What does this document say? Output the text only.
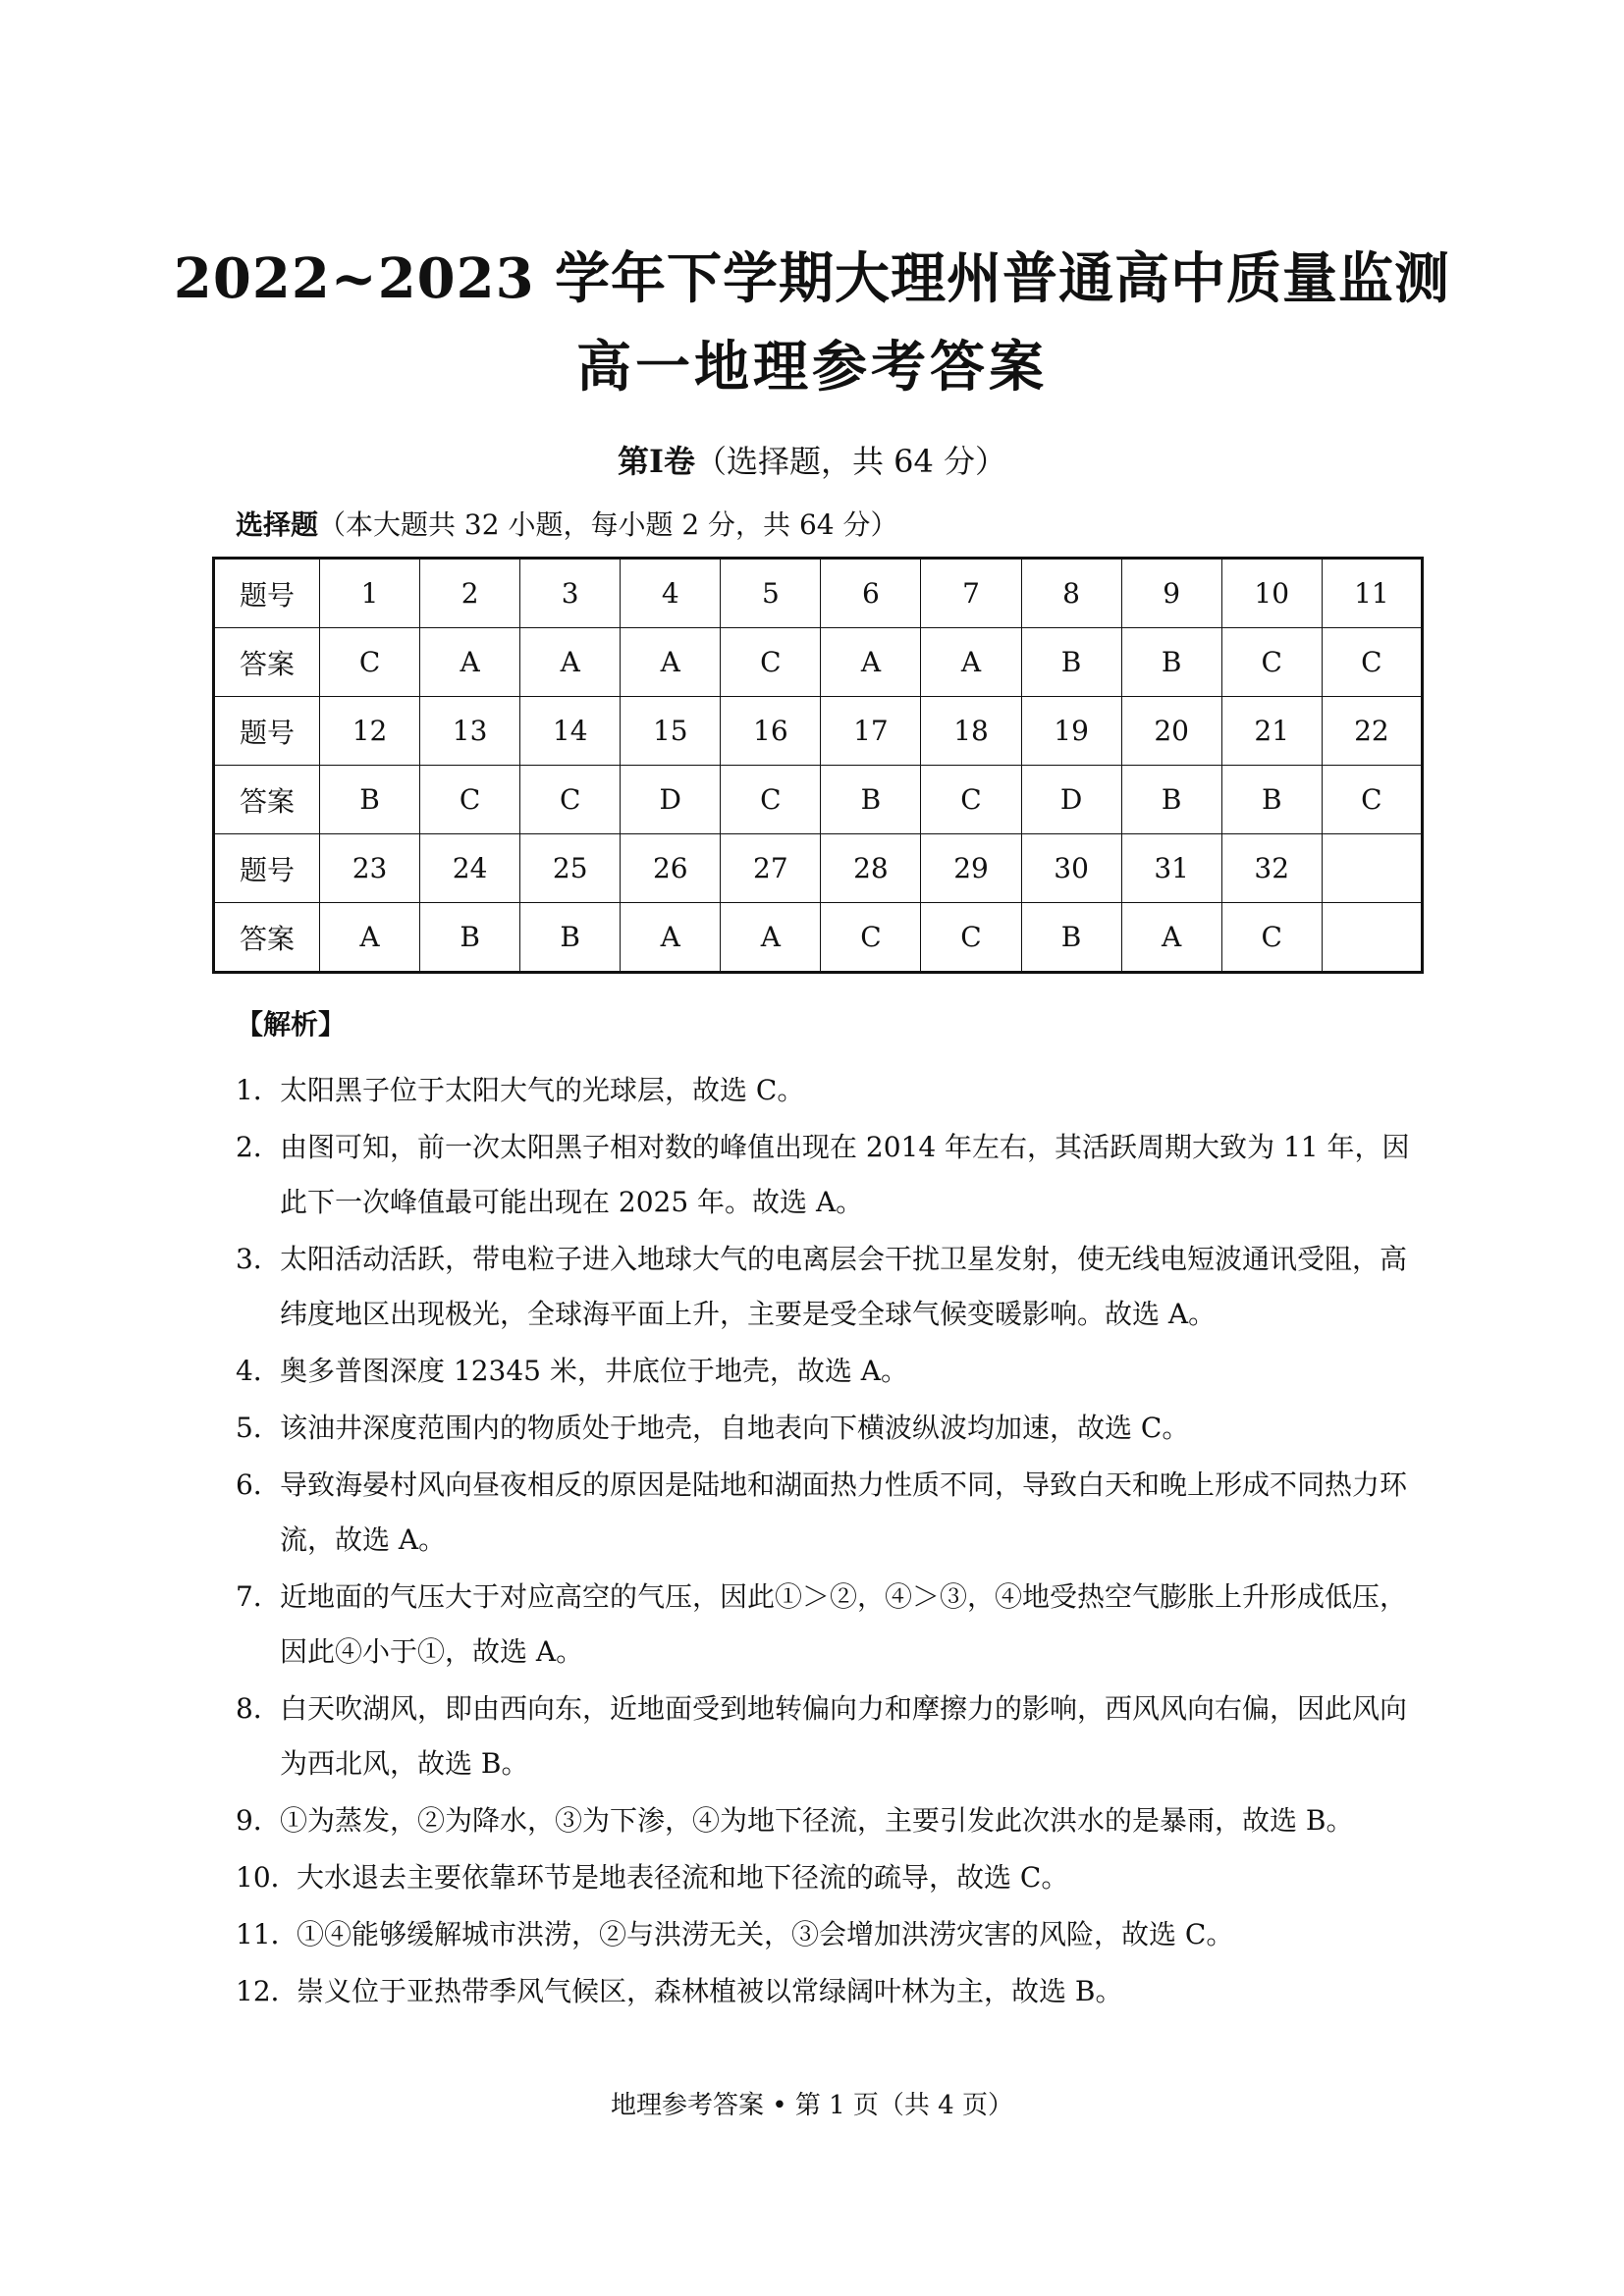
2022~2023 学年下学期大理州普通高中质量监测
高一地理参考答案
第Ⅰ卷（选择题，共 64 分）
选择题（本大题共 32 小题，每小题 2 分，共 64 分）
题号	1	2	3	4	5	6	7	8	9	10	11
答案	C	A	A	A	C	A	A	B	B	C	C
题号	12	13	14	15	16	17	18	19	20	21	22
答案	B	C	C	D	C	B	C	D	B	B	C
题号	23	24	25	26	27	28	29	30	31	32	
答案	A	B	B	A	A	C	C	B	A	C	
【解析】
1． 太阳黑子位于太阳大气的光球层，故选 C。
2． 由图可知，前一次太阳黑子相对数的峰值出现在 2014 年左右，其活跃周期大致为 11 年，因此下一次峰值最可能出现在 2025 年。故选 A。
3． 太阳活动活跃，带电粒子进入地球大气的电离层会干扰卫星发射，使无线电短波通讯受阻，高纬度地区出现极光，全球海平面上升，主要是受全球气候变暖影响。故选 A。
4． 奥多普图深度 12345 米，井底位于地壳，故选 A。
5． 该油井深度范围内的物质处于地壳，自地表向下横波纵波均加速，故选 C。
6． 导致海晏村风向昼夜相反的原因是陆地和湖面热力性质不同，导致白天和晚上形成不同热力环流，故选 A。
7． 近地面的气压大于对应高空的气压，因此①＞②，④＞③，④地受热空气膨胀上升形成低压，因此④小于①，故选 A。
8． 白天吹湖风，即由西向东，近地面受到地转偏向力和摩擦力的影响，西风风向右偏，因此风向为西北风，故选 B。
9． ①为蒸发，②为降水，③为下渗，④为地下径流，主要引发此次洪水的是暴雨，故选 B。
10．
大水退去主要依靠环节是地表径流和地下径流的疏导，故选 C。
11．
①④能够缓解城市洪涝，②与洪涝无关，③会增加洪涝灾害的风险，故选 C。
12．
崇义位于亚热带季风气候区，森林植被以常绿阔叶林为主，故选 B。
地理参考答案 • 第 1 页（共 4 页）
